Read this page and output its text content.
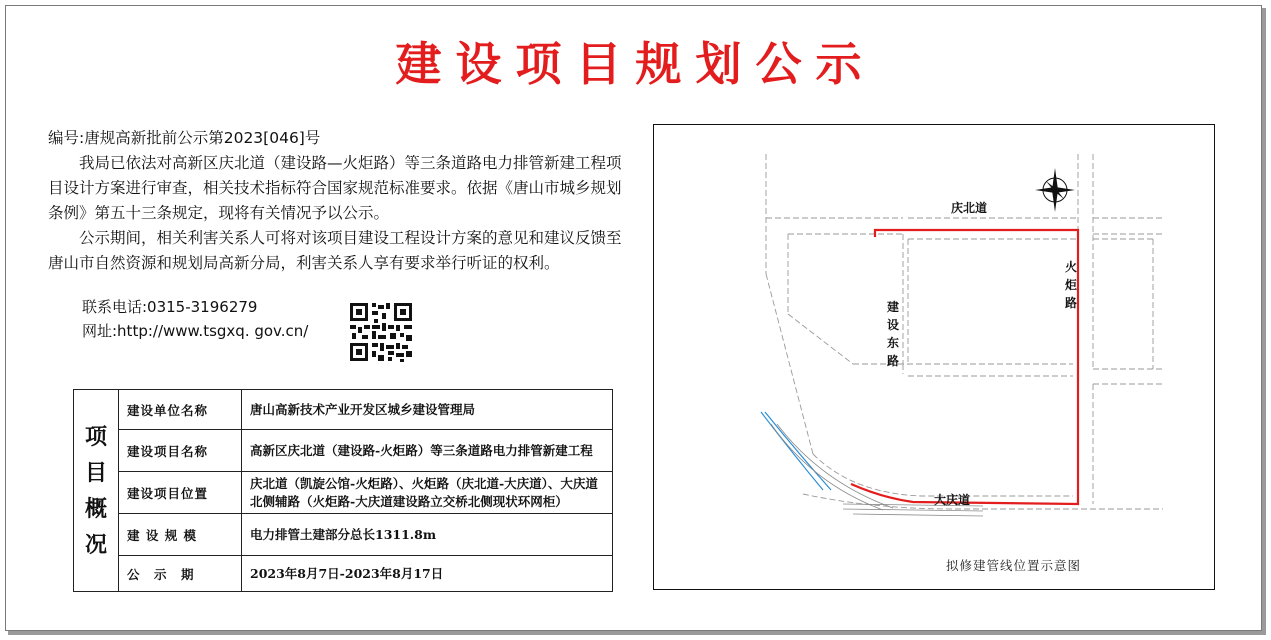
建设项目规划公示

编号:唐规高新批前公示第2023[046]号

我局已依法对高新区庆北道（建设路—火炬路）等三条道路电力排管新建工程项目设计方案进行审查，相关技术指标符合国家规范标准要求。依据《唐山市城乡规划条例》第五十三条规定，现将有关情况予以公示。

公示期间，相关利害关系人可将对该项目建设工程设计方案的意见和建议反馈至唐山市自然资源和规划局高新分局，利害关系人享有要求举行听证的权利。

联系电话:0315-3196279
网址:http://www.tsgxq. gov.cn/
项目概况	建设单位名称	唐山高新技术产业开发区城乡建设管理局
	建设项目名称	高新区庆北道（建设路-火炬路）等三条道路电力排管新建工程
	建设项目位置	庆北道（凯旋公馆-火炬路）、火炬路（庆北道-大庆道）、大庆道北侧辅路（火炬路-大庆道建设路立交桥北侧现状环网柜）
	建 设 规 模	电力排管土建部分总长1311.8m
	公　示　期	2023年8月7日-2023年8月17日
庆北道
大庆道
火炬路
建设东路
拟修建管线位置示意图
